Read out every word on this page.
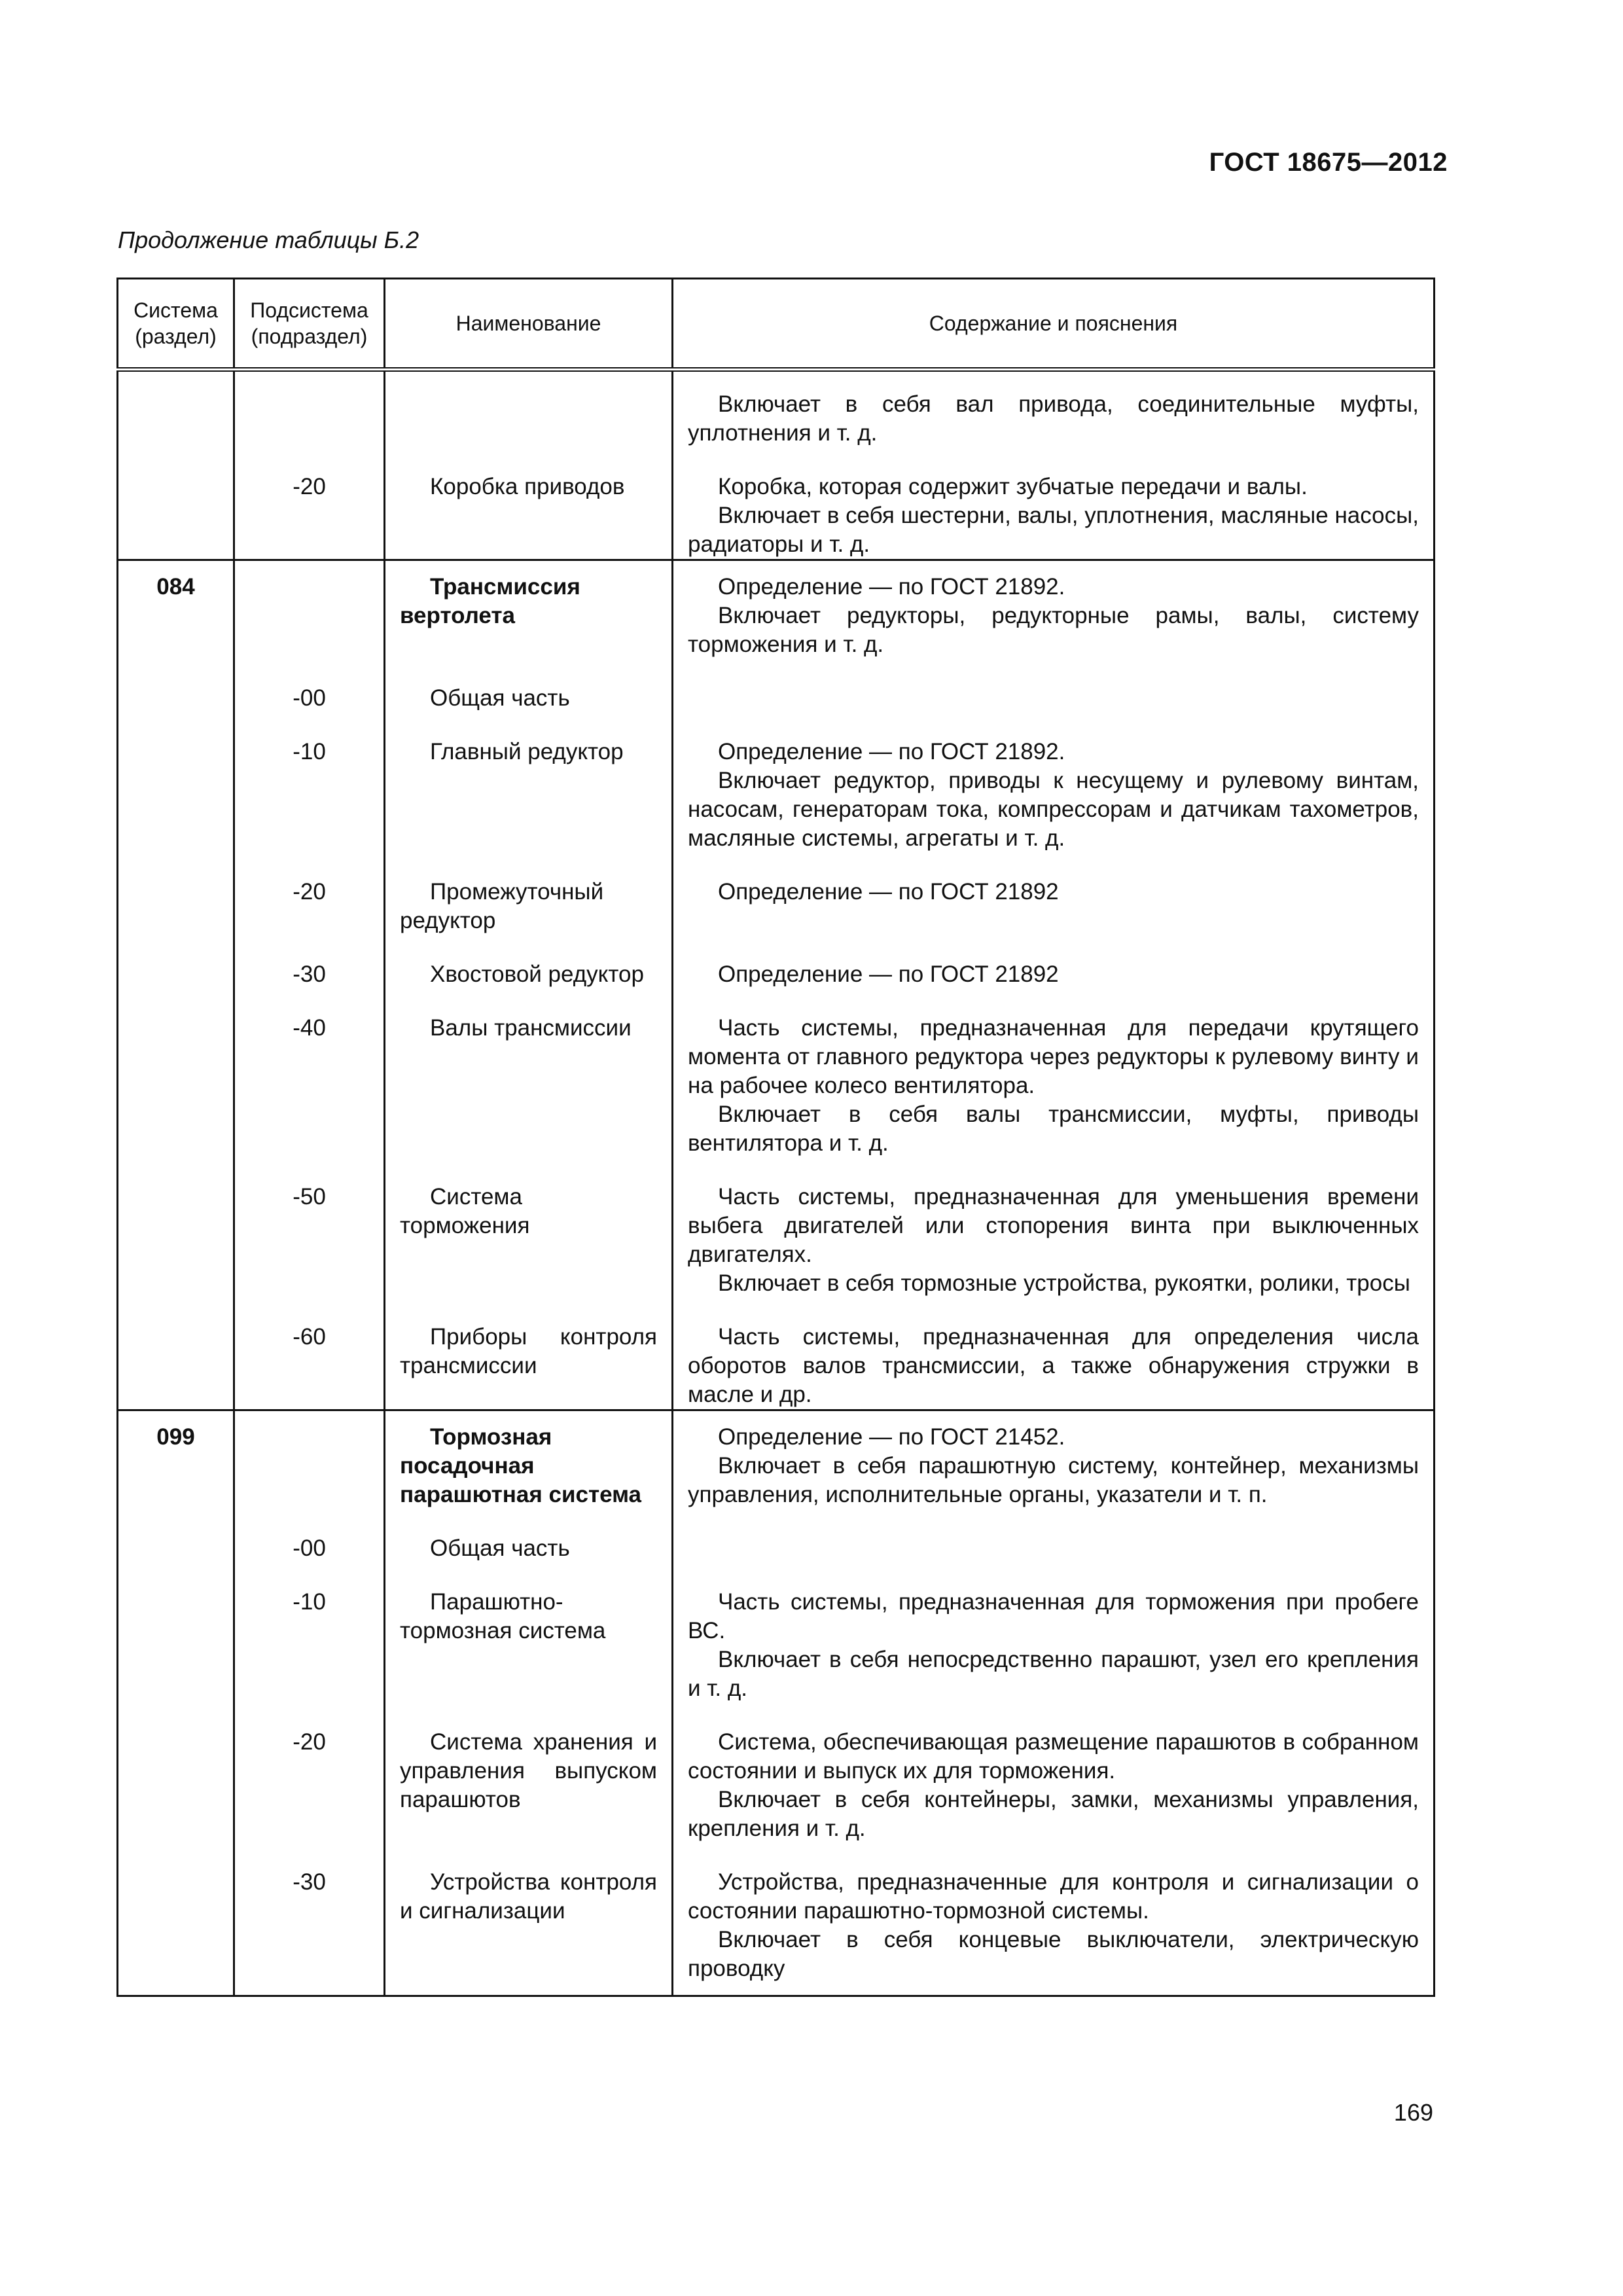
ГОСТ 18675—2012
Продолжение таблицы Б.2
Система (раздел)	Подсистема (подраздел)	Наименование	Содержание и пояснения

			Включает в себя вал привода, соединительные муфты, уплотнения и т. д.

	-20	Коробка приводов	Коробка, которая содержит зубчатые передачи и валы.

Включает в себя шестерни, валы, уплотнения, масляные насосы, радиаторы и т. д.

084		Трансмиссия вертолета	Определение — по ГОСТ 21892.

Включает редукторы, редукторные рамы, валы, систему торможения и т. д.

	-00	Общая часть	

	-10	Главный редуктор	Определение — по ГОСТ 21892.

Включает редуктор, приводы к несущему и рулевому винтам, насосам, генераторам тока, компрессорам и датчикам тахометров, масляные системы, агрегаты и т. д.

	-20	Промежуточный редуктор	Определение — по ГОСТ 21892

	-30	Хвостовой редуктор	Определение — по ГОСТ 21892

	-40	Валы трансмиссии	Часть системы, предназначенная для передачи крутящего момента от главного редуктора через редукторы к рулевому винту и на рабочее колесо вентилятора.

Включает в себя валы трансмиссии, муфты, приводы вентилятора и т. д.

	-50	Система торможения	Часть системы, предназначенная для уменьшения времени выбега двигателей или стопорения винта при выключенных двигателях.

Включает в себя тормозные устройства, рукоятки, ролики, тросы

	-60	Приборы контроля трансмиссии	Часть системы, предназначенная для определения числа оборотов валов трансмиссии, а также обнаружения стружки в масле и др.

099		Тормозная посадочная парашютная система	Определение — по ГОСТ 21452.

Включает в себя парашютную систему, контейнер, механизмы управления, исполнительные органы, указатели и т. п.

	-00	Общая часть	

	-10	Парашютно-тормозная система	Часть системы, предназначенная для торможения при пробеге ВС.

Включает в себя непосредственно парашют, узел его крепления и т. д.

	-20	Система хранения и управления выпуском парашютов	Система, обеспечивающая размещение парашютов в собранном состоянии и выпуск их для торможения.

Включает в себя контейнеры, замки, механизмы управления, крепления и т. д.

	-30	Устройства контроля и сигнализации	Устройства, предназначенные для контроля и сигнализации о состоянии парашютно-тормозной системы.

Включает в себя концевые выключатели, электрическую проводку

169
